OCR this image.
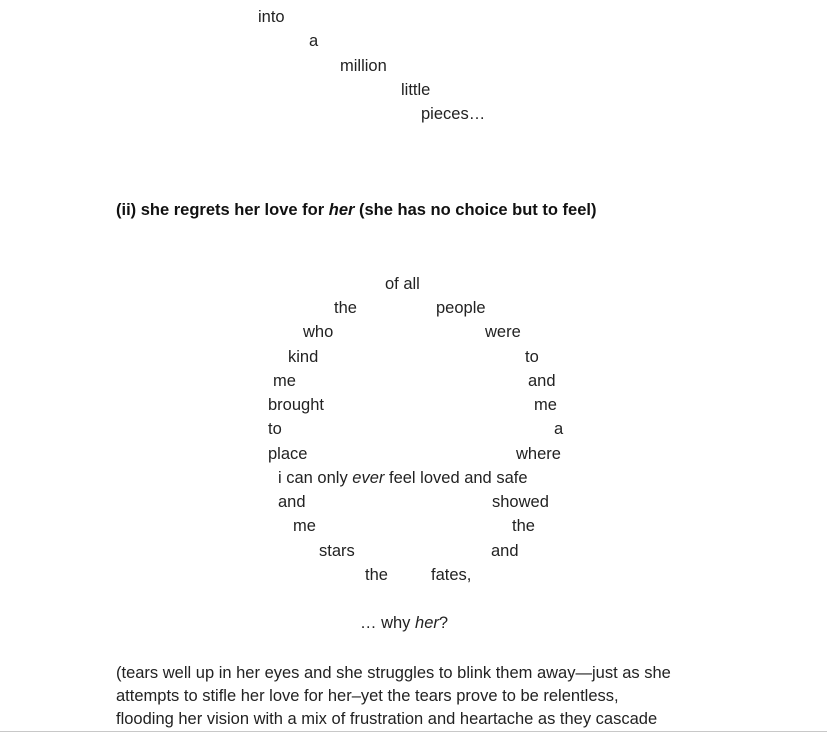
into
a
million
little
pieces…
(ii) she regrets her love for her (she has no choice but to feel)
of all
the	people
who	were
kind	to
me	and
brought	me
to	a
place	where
i can only ever feel loved and safe
and	showed
me	the
stars	and
the	fates,
… why her?
(tears well up in her eyes and she struggles to blink them away—just as she
attempts to stifle her love for her–yet the tears prove to be relentless,
flooding her vision with a mix of frustration and heartache as they cascade
